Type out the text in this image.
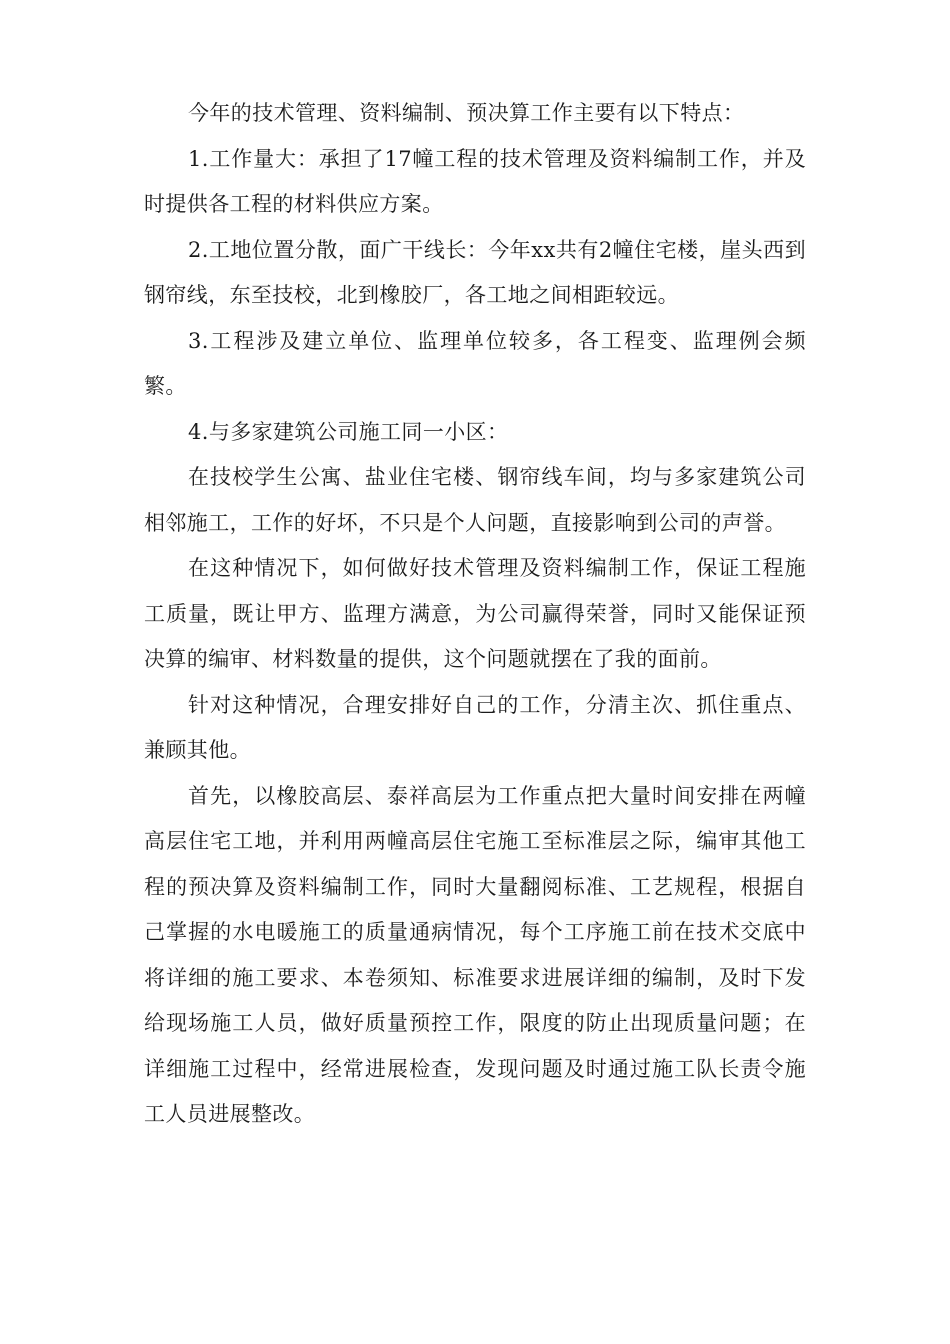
今年的技术管理、资料编制、预决算工作主要有以下特点：

1.工作量大：承担了17幢工程的技术管理及资料编制工作，并及时提供各工程的材料供应方案。

2.工地位置分散，面广干线长：今年xx共有2幢住宅楼，崖头西到钢帘线，东至技校，北到橡胶厂，各工地之间相距较远。

3.工程涉及建立单位、监理单位较多，各工程变、监理例会频繁。

4.与多家建筑公司施工同一小区：

在技校学生公寓、盐业住宅楼、钢帘线车间，均与多家建筑公司相邻施工，工作的好坏，不只是个人问题，直接影响到公司的声誉。

在这种情况下，如何做好技术管理及资料编制工作，保证工程施工质量，既让甲方、监理方满意，为公司赢得荣誉，同时又能保证预决算的编审、材料数量的提供，这个问题就摆在了我的面前。

针对这种情况，合理安排好自己的工作，分清主次、抓住重点、兼顾其他。

首先，以橡胶高层、泰祥高层为工作重点把大量时间安排在两幢高层住宅工地，并利用两幢高层住宅施工至标准层之际，编审其他工程的预决算及资料编制工作，同时大量翻阅标准、工艺规程，根据自己掌握的水电暖施工的质量通病情况，每个工序施工前在技术交底中将详细的施工要求、本卷须知、标准要求进展详细的编制，及时下发给现场施工人员，做好质量预控工作，限度的防止出现质量问题；在详细施工过程中，经常进展检查，发现问题及时通过施工队长责令施工人员进展整改。
